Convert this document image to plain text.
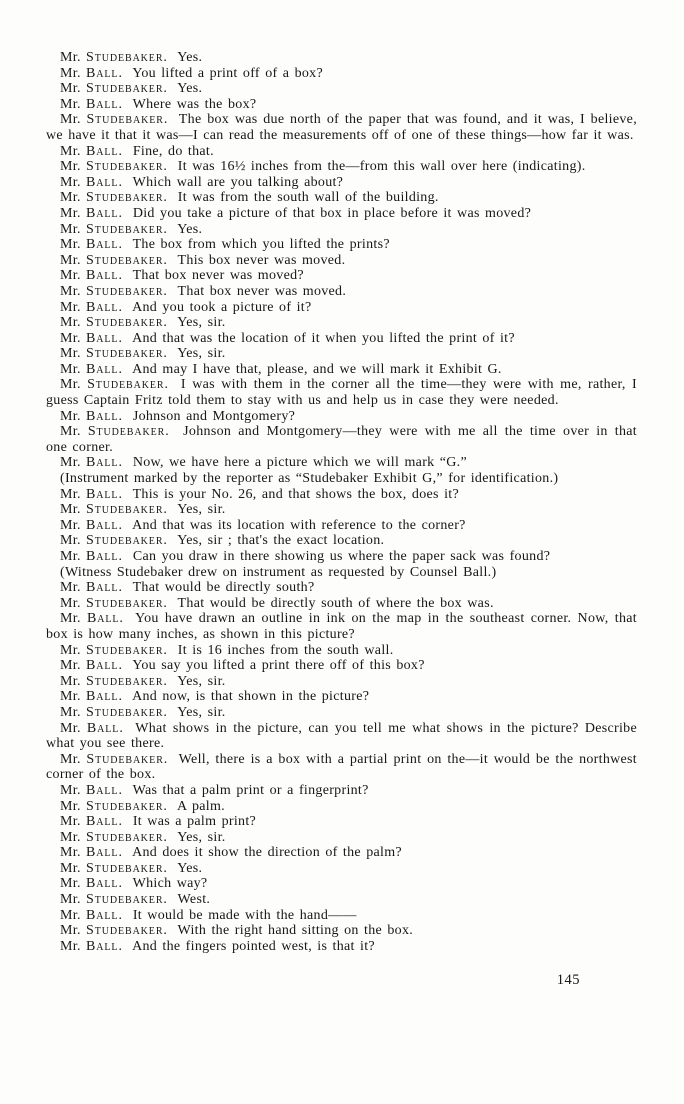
Mr. Studebaker.  Yes.

Mr. Ball.  You lifted a print off of a box?

Mr. Studebaker.  Yes.

Mr. Ball.  Where was the box?

Mr. Studebaker.  The box was due north of the paper that was found, and it was, I believe, we have it that it was—I can read the measurements off of one of these things—how far it was.

Mr. Ball.  Fine, do that.

Mr. Studebaker.  It was 16½ inches from the—from this wall over here (indicating).

Mr. Ball.  Which wall are you talking about?

Mr. Studebaker.  It was from the south wall of the building.

Mr. Ball.  Did you take a picture of that box in place before it was moved?

Mr. Studebaker.  Yes.

Mr. Ball.  The box from which you lifted the prints?

Mr. Studebaker.  This box never was moved.

Mr. Ball.  That box never was moved?

Mr. Studebaker.  That box never was moved.

Mr. Ball.  And you took a picture of it?

Mr. Studebaker.  Yes, sir.

Mr. Ball.  And that was the location of it when you lifted the print of it?

Mr. Studebaker.  Yes, sir.

Mr. Ball.  And may I have that, please, and we will mark it Exhibit G.

Mr. Studebaker.  I was with them in the corner all the time—they were with me, rather, I guess Captain Fritz told them to stay with us and help us in case they were needed.

Mr. Ball.  Johnson and Montgomery?

Mr. Studebaker.  Johnson and Montgomery—they were with me all the time over in that one corner.

Mr. Ball.  Now, we have here a picture which we will mark “G.”

(Instrument marked by the reporter as “Studebaker Exhibit G,” for identification.)

Mr. Ball.  This is your No. 26, and that shows the box, does it?

Mr. Studebaker.  Yes, sir.

Mr. Ball.  And that was its location with reference to the corner?

Mr. Studebaker.  Yes, sir ; that's the exact location.

Mr. Ball.  Can you draw in there showing us where the paper sack was found?

(Witness Studebaker drew on instrument as requested by Counsel Ball.)

Mr. Ball.  That would be directly south?

Mr. Studebaker.  That would be directly south of where the box was.

Mr. Ball.  You have drawn an outline in ink on the map in the southeast corner. Now, that box is how many inches, as shown in this picture?

Mr. Studebaker.  It is 16 inches from the south wall.

Mr. Ball.  You say you lifted a print there off of this box?

Mr. Studebaker.  Yes, sir.

Mr. Ball.  And now, is that shown in the picture?

Mr. Studebaker.  Yes, sir.

Mr. Ball.  What shows in the picture, can you tell me what shows in the picture? Describe what you see there.

Mr. Studebaker.  Well, there is a box with a partial print on the—it would be the northwest corner of the box.

Mr. Ball.  Was that a palm print or a fingerprint?

Mr. Studebaker.  A palm.

Mr. Ball.  It was a palm print?

Mr. Studebaker.  Yes, sir.

Mr. Ball.  And does it show the direction of the palm?

Mr. Studebaker.  Yes.

Mr. Ball.  Which way?

Mr. Studebaker.  West.

Mr. Ball.  It would be made with the hand——

Mr. Studebaker.  With the right hand sitting on the box.

Mr. Ball.  And the fingers pointed west, is that it?

145
